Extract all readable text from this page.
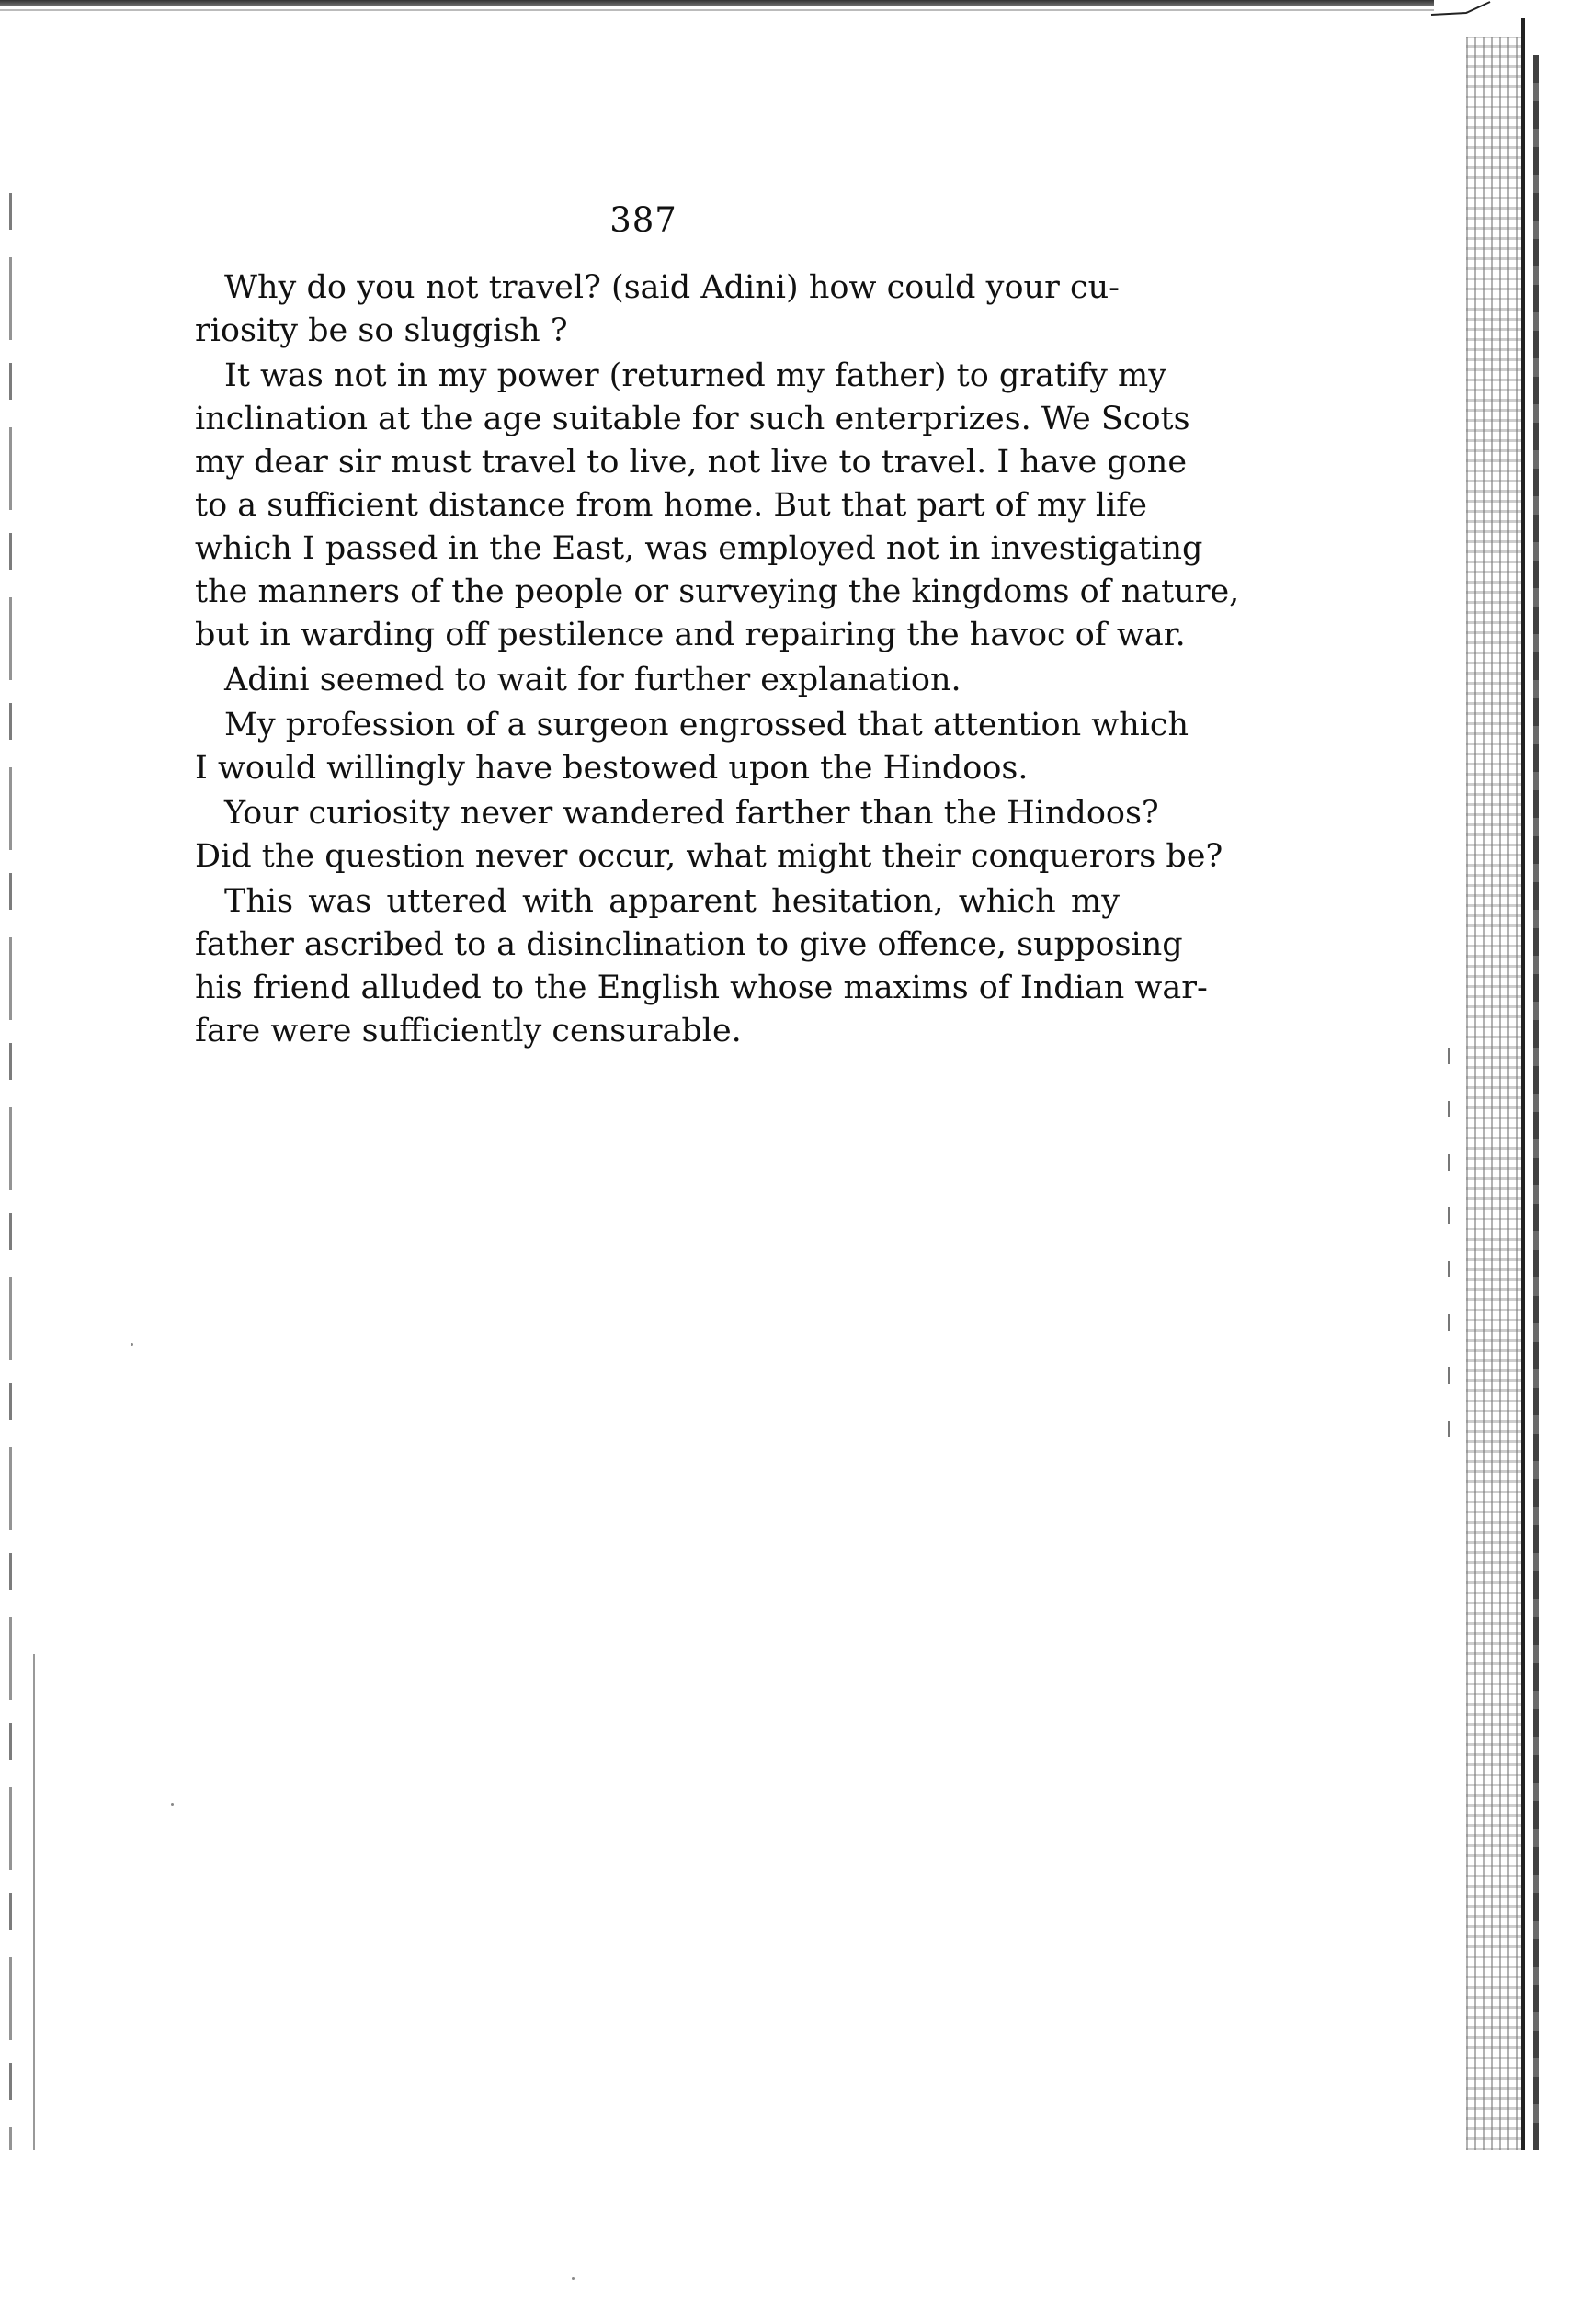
387
Why do you not travel? (said Adini) how could your cu-
riosity be so sluggish ?
It was not in my power (returned my father) to gratify my
inclination at the age suitable for such enterprizes. We Scots
my dear sir must travel to live, not live to travel. I have gone
to a sufficient distance from home. But that part of my life
which I passed in the East, was employed not in investigating
the manners of the people or surveying the kingdoms of nature,
but in warding off pestilence and repairing the havoc of war.
Adini seemed to wait for further explanation.
My profession of a surgeon engrossed that attention which
I would willingly have bestowed upon the Hindoos.
Your curiosity never wandered farther than the Hindoos?
Did the question never occur, what might their conquerors be?
This was uttered with apparent hesitation, which my
father ascribed to a disinclination to give offence, supposing
his friend alluded to the English whose maxims of Indian war-
fare were sufficiently censurable.
